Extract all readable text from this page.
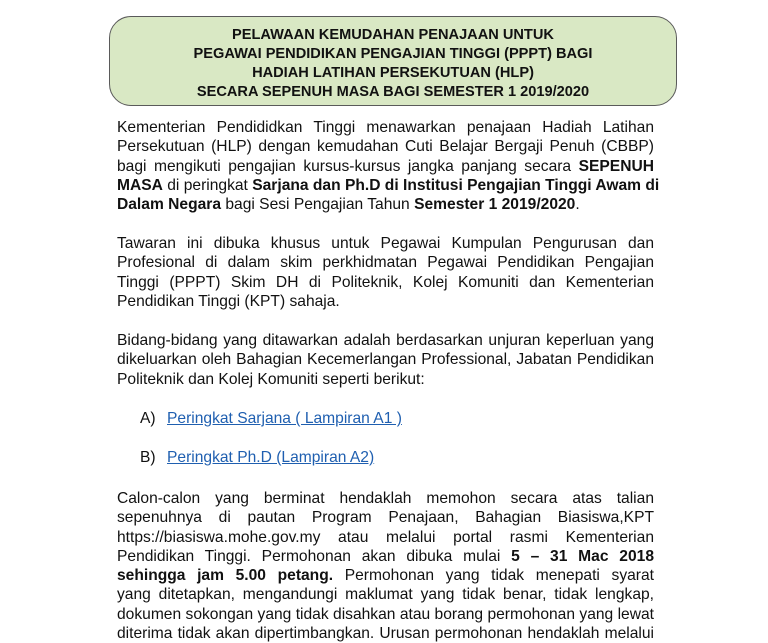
PELAWAAN KEMUDAHAN PENAJAAN UNTUK
PEGAWAI PENDIDIKAN PENGAJIAN TINGGI (PPPT) BAGI
HADIAH LATIHAN PERSEKUTUAN (HLP)
SECARA SEPENUH MASA BAGI SEMESTER 1 2019/2020
Kementerian Pendididkan Tinggi menawarkan penajaan Hadiah Latihan
Persekutuan (HLP) dengan kemudahan Cuti Belajar Bergaji Penuh (CBBP)
bagi mengikuti pengajian kursus-kursus jangka panjang secara SEPENUH
MASA di peringkat Sarjana dan Ph.D di Institusi Pengajian Tinggi Awam di
Dalam Negara bagi Sesi Pengajian Tahun Semester 1 2019/2020.
Tawaran ini dibuka khusus untuk Pegawai Kumpulan Pengurusan dan
Profesional di dalam skim perkhidmatan Pegawai Pendidikan Pengajian
Tinggi (PPPT) Skim DH di Politeknik, Kolej Komuniti dan Kementerian
Pendidikan Tinggi (KPT) sahaja.
Bidang-bidang yang ditawarkan adalah berdasarkan unjuran keperluan yang
dikeluarkan oleh Bahagian Kecemerlangan Professional, Jabatan Pendidikan
Politeknik dan Kolej Komuniti seperti berikut:
A) Peringkat Sarjana ( Lampiran A1 )
B) Peringkat Ph.D (Lampiran A2)
Calon-calon yang berminat hendaklah memohon secara atas talian
sepenuhnya di pautan Program Penajaan, Bahagian Biasiswa,KPT
https://biasiswa.mohe.gov.my atau melalui portal rasmi Kementerian
Pendidikan Tinggi. Permohonan akan dibuka mulai 5 – 31 Mac 2018
sehingga jam 5.00 petang. Permohonan yang tidak menepati syarat
yang ditetapkan, mengandungi maklumat yang tidak benar, tidak lengkap,
dokumen sokongan yang tidak disahkan atau borang permohonan yang lewat
diterima tidak akan dipertimbangkan. Urusan permohonan hendaklah melalui
